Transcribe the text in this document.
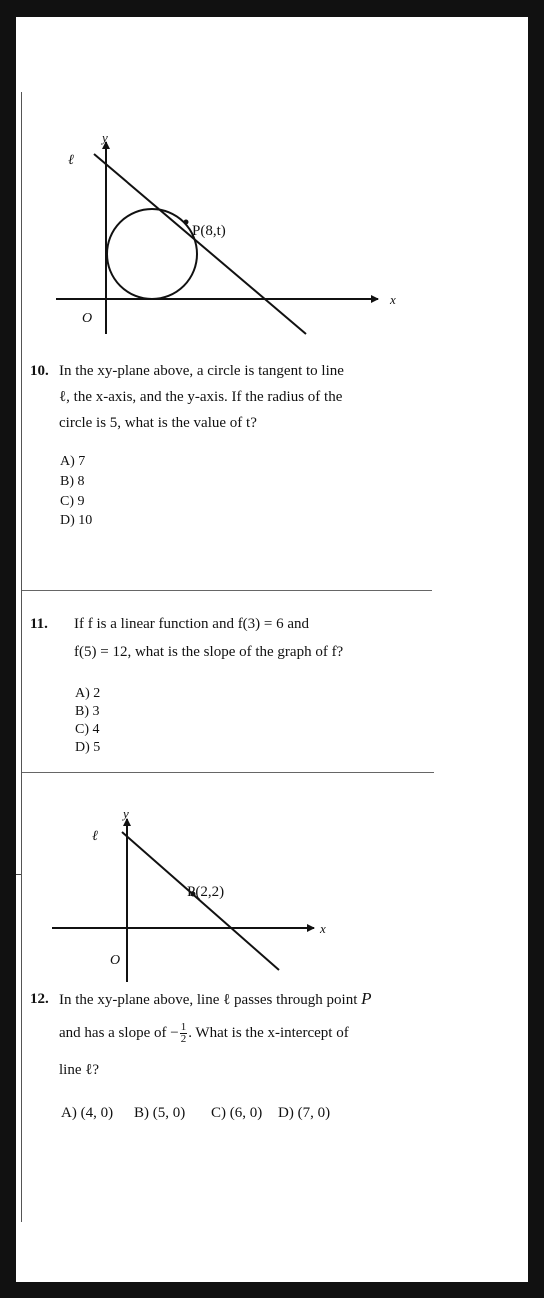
y
ℓ
P(8,t)
x
O
10. In the xy-plane above, a circle is tangent to line
ℓ, the x-axis, and the y-axis. If the radius of the
circle is 5, what is the value of t?
A) 7
B) 8
C) 9
D) 10
11. If f is a linear function and f(3) = 6 and
f(5) = 12, what is the slope of the graph of f?
A) 2
B) 3
C) 4
D) 5
y
ℓ
P(2,2)
x
O
12. In the xy-plane above, line ℓ passes through point P
and has a slope of − $\frac{1}{2}$ . What is the x-intercept of
line ℓ?
A) (4, 0) B) (5, 0) C) (6, 0) D) (7, 0)
